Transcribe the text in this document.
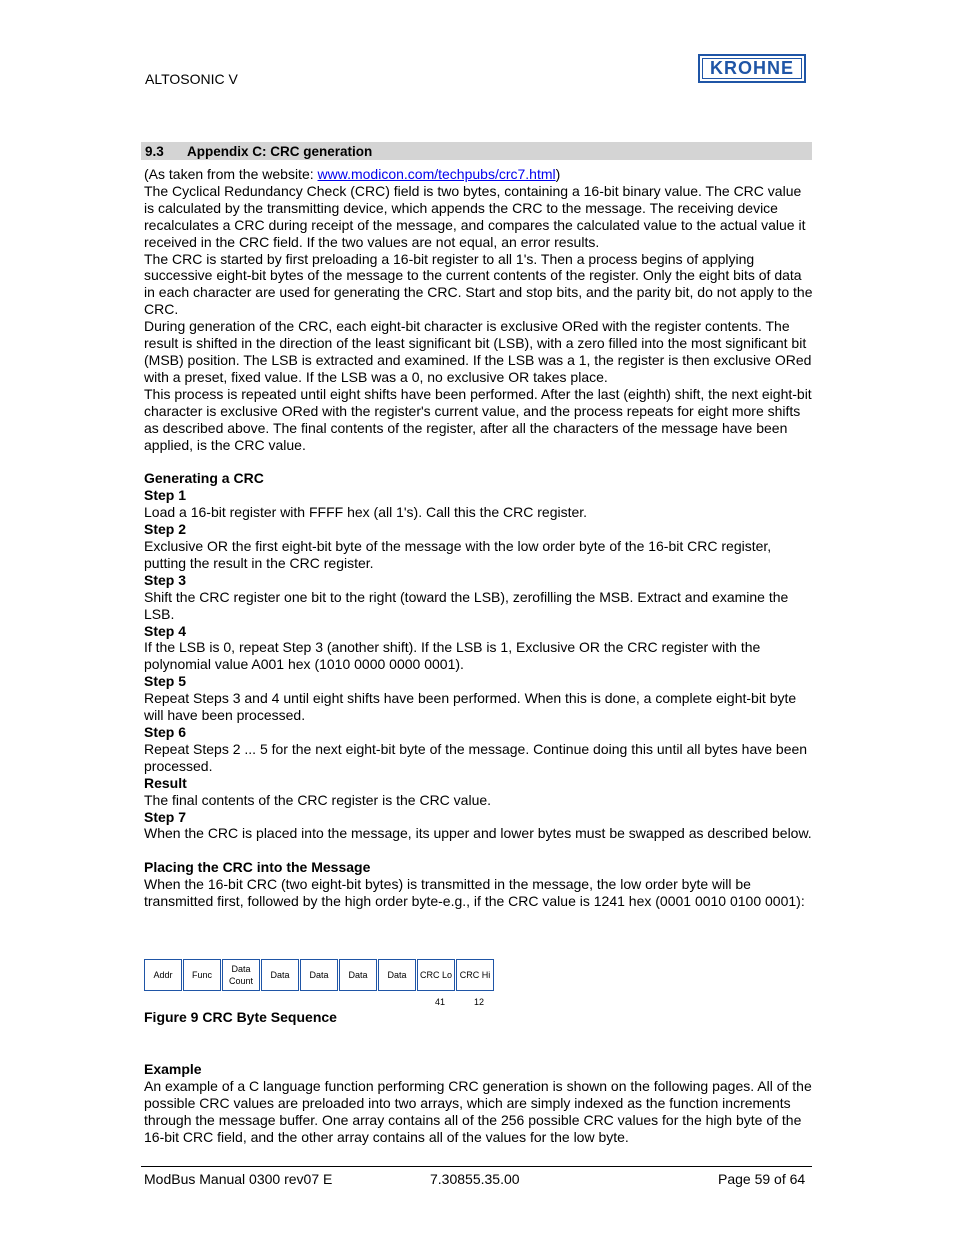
ALTOSONIC V
KROHNE
9.3 Appendix C: CRC generation

(As taken from the website: www.modicon.com/techpubs/crc7.html)

The Cyclical Redundancy Check (CRC) field is two bytes, containing a 16-bit binary value. The CRC value is calculated by the transmitting device, which appends the CRC to the message. The receiving device recalculates a CRC during receipt of the message, and compares the calculated value to the actual value it received in the CRC field. If the two values are not equal, an error results.

The CRC is started by first preloading a 16-bit register to all 1's. Then a process begins of applying successive eight-bit bytes of the message to the current contents of the register. Only the eight bits of data in each character are used for generating the CRC. Start and stop bits, and the parity bit, do not apply to the CRC.

During generation of the CRC, each eight-bit character is exclusive ORed with the register contents. The result is shifted in the direction of the least significant bit (LSB), with a zero filled into the most significant bit (MSB) position. The LSB is extracted and examined. If the LSB was a 1, the register is then exclusive ORed with a preset, fixed value. If the LSB was a 0, no exclusive OR takes place.

This process is repeated until eight shifts have been performed. After the last (eighth) shift, the next eight-bit character is exclusive ORed with the register's current value, and the process repeats for eight more shifts as described above. The final contents of the register, after all the characters of the message have been applied, is the CRC value.

Generating a CRC

Step 1

Load a 16-bit register with FFFF hex (all 1's). Call this the CRC register.

Step 2

Exclusive OR the first eight-bit byte of the message with the low order byte of the 16-bit CRC register, putting the result in the CRC register.

Step 3

Shift the CRC register one bit to the right (toward the LSB), zerofilling the MSB. Extract and examine the LSB.

Step 4

If the LSB is 0, repeat Step 3 (another shift). If the LSB is 1, Exclusive OR the CRC register with the polynomial value A001 hex (1010 0000 0000 0001).

Step 5

Repeat Steps 3 and 4 until eight shifts have been performed. When this is done, a complete eight-bit byte will have been processed.

Step 6

Repeat Steps 2 ... 5 for the next eight-bit byte of the message. Continue doing this until all bytes have been processed.

Result

The final contents of the CRC register is the CRC value.

Step 7

When the CRC is placed into the message, its upper and lower bytes must be swapped as described below.

Placing the CRC into the Message

When the 16-bit CRC (two eight-bit bytes) is transmitted in the message, the low order byte will be transmitted first, followed by the high order byte-e.g., if the CRC value is 1241 hex (0001 0010 0100 0001):

Addr	Func
Data Count
Data	Data	Data	Data	CRC Lo CRC Hi
41	12
Figure 9 CRC Byte Sequence

Example

An example of a C language function performing CRC generation is shown on the following pages. All of the possible CRC values are preloaded into two arrays, which are simply indexed as the function increments through the message buffer. One array contains all of the 256 possible CRC values for the high byte of the 16-bit CRC field, and the other array contains all of the values for the low byte.

ModBus Manual 0300 rev07 E	7.30855.35.00	Page 59 of 64
